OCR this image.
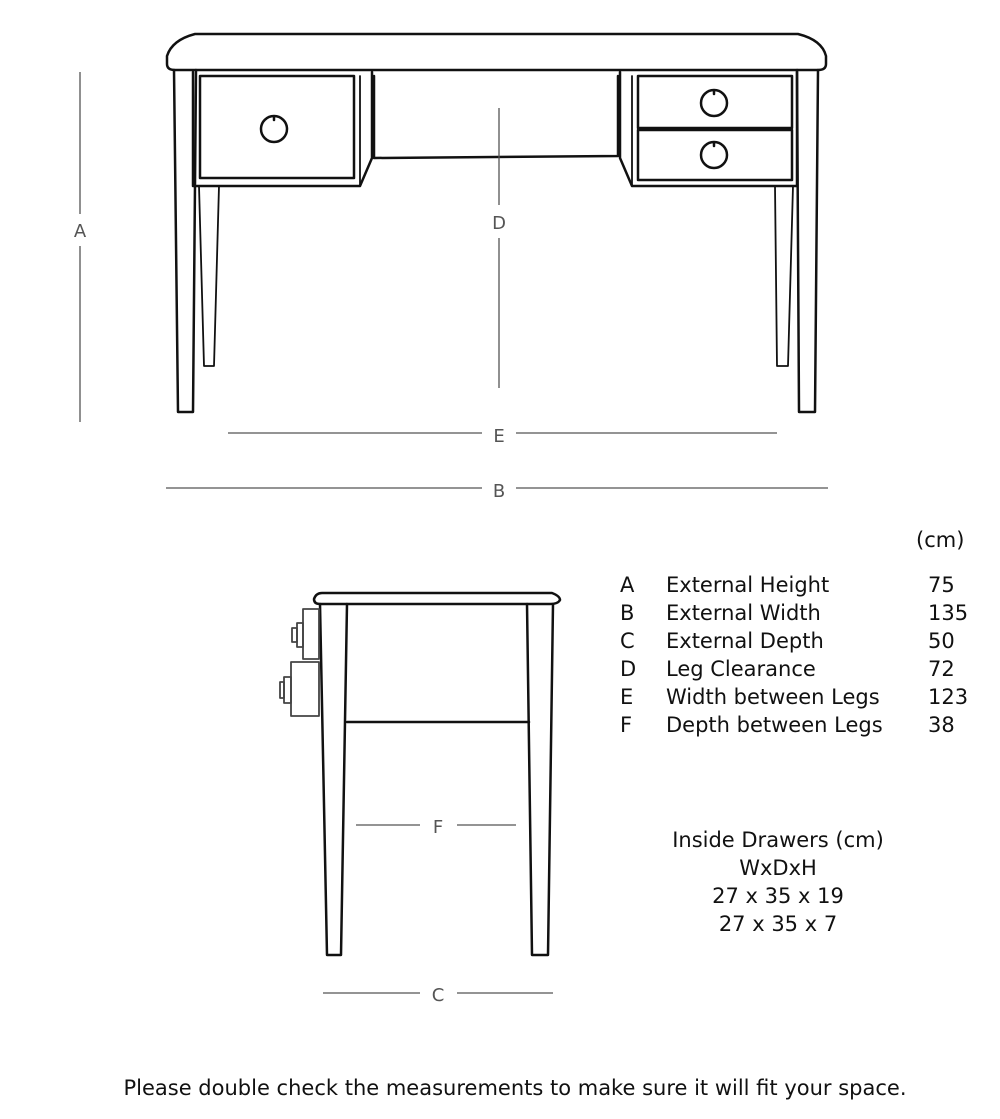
A	D
E
B
F
C
(cm)
A	External Height	75
B	External Width	135
C	External Depth	50
D	Leg Clearance	72
E	Width between Legs	123
F	Depth between Legs	38
Inside Drawers (cm)
WxDxH
27 x 35 x 19
27 x 35 x 7
Please double check the measurements to make sure it will fit your space.
